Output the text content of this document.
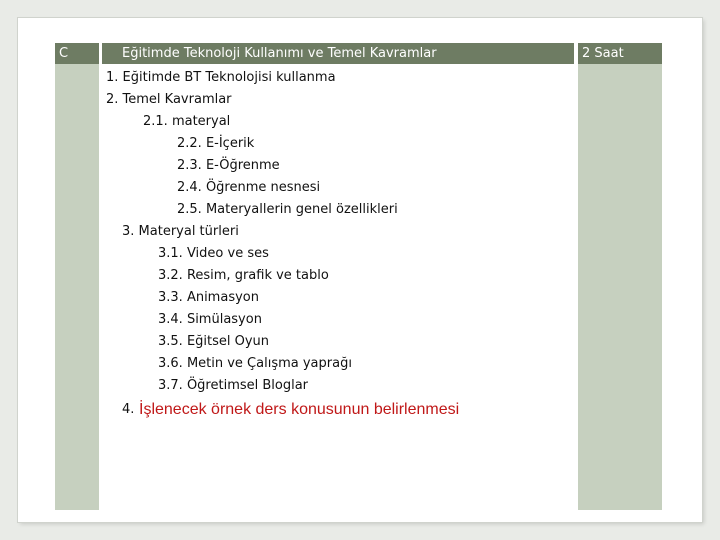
C	Eğitimde Teknoloji Kullanımı ve Temel Kavramlar	2 Saat
1. Eğitimde BT Teknolojisi kullanma
2. Temel Kavramlar
2.1. materyal
2.2. E-İçerik
2.3. E-Öğrenme
2.4. Öğrenme nesnesi
2.5. Materyallerin genel özellikleri
3. Materyal türleri
3.1. Video ve ses
3.2. Resim, grafik ve tablo
3.3. Animasyon
3.4. Simülasyon
3.5. Eğitsel Oyun
3.6. Metin ve Çalışma yaprağı
3.7. Öğretimsel Bloglar
4. İşlenecek örnek ders konusunun belirlenmesi
